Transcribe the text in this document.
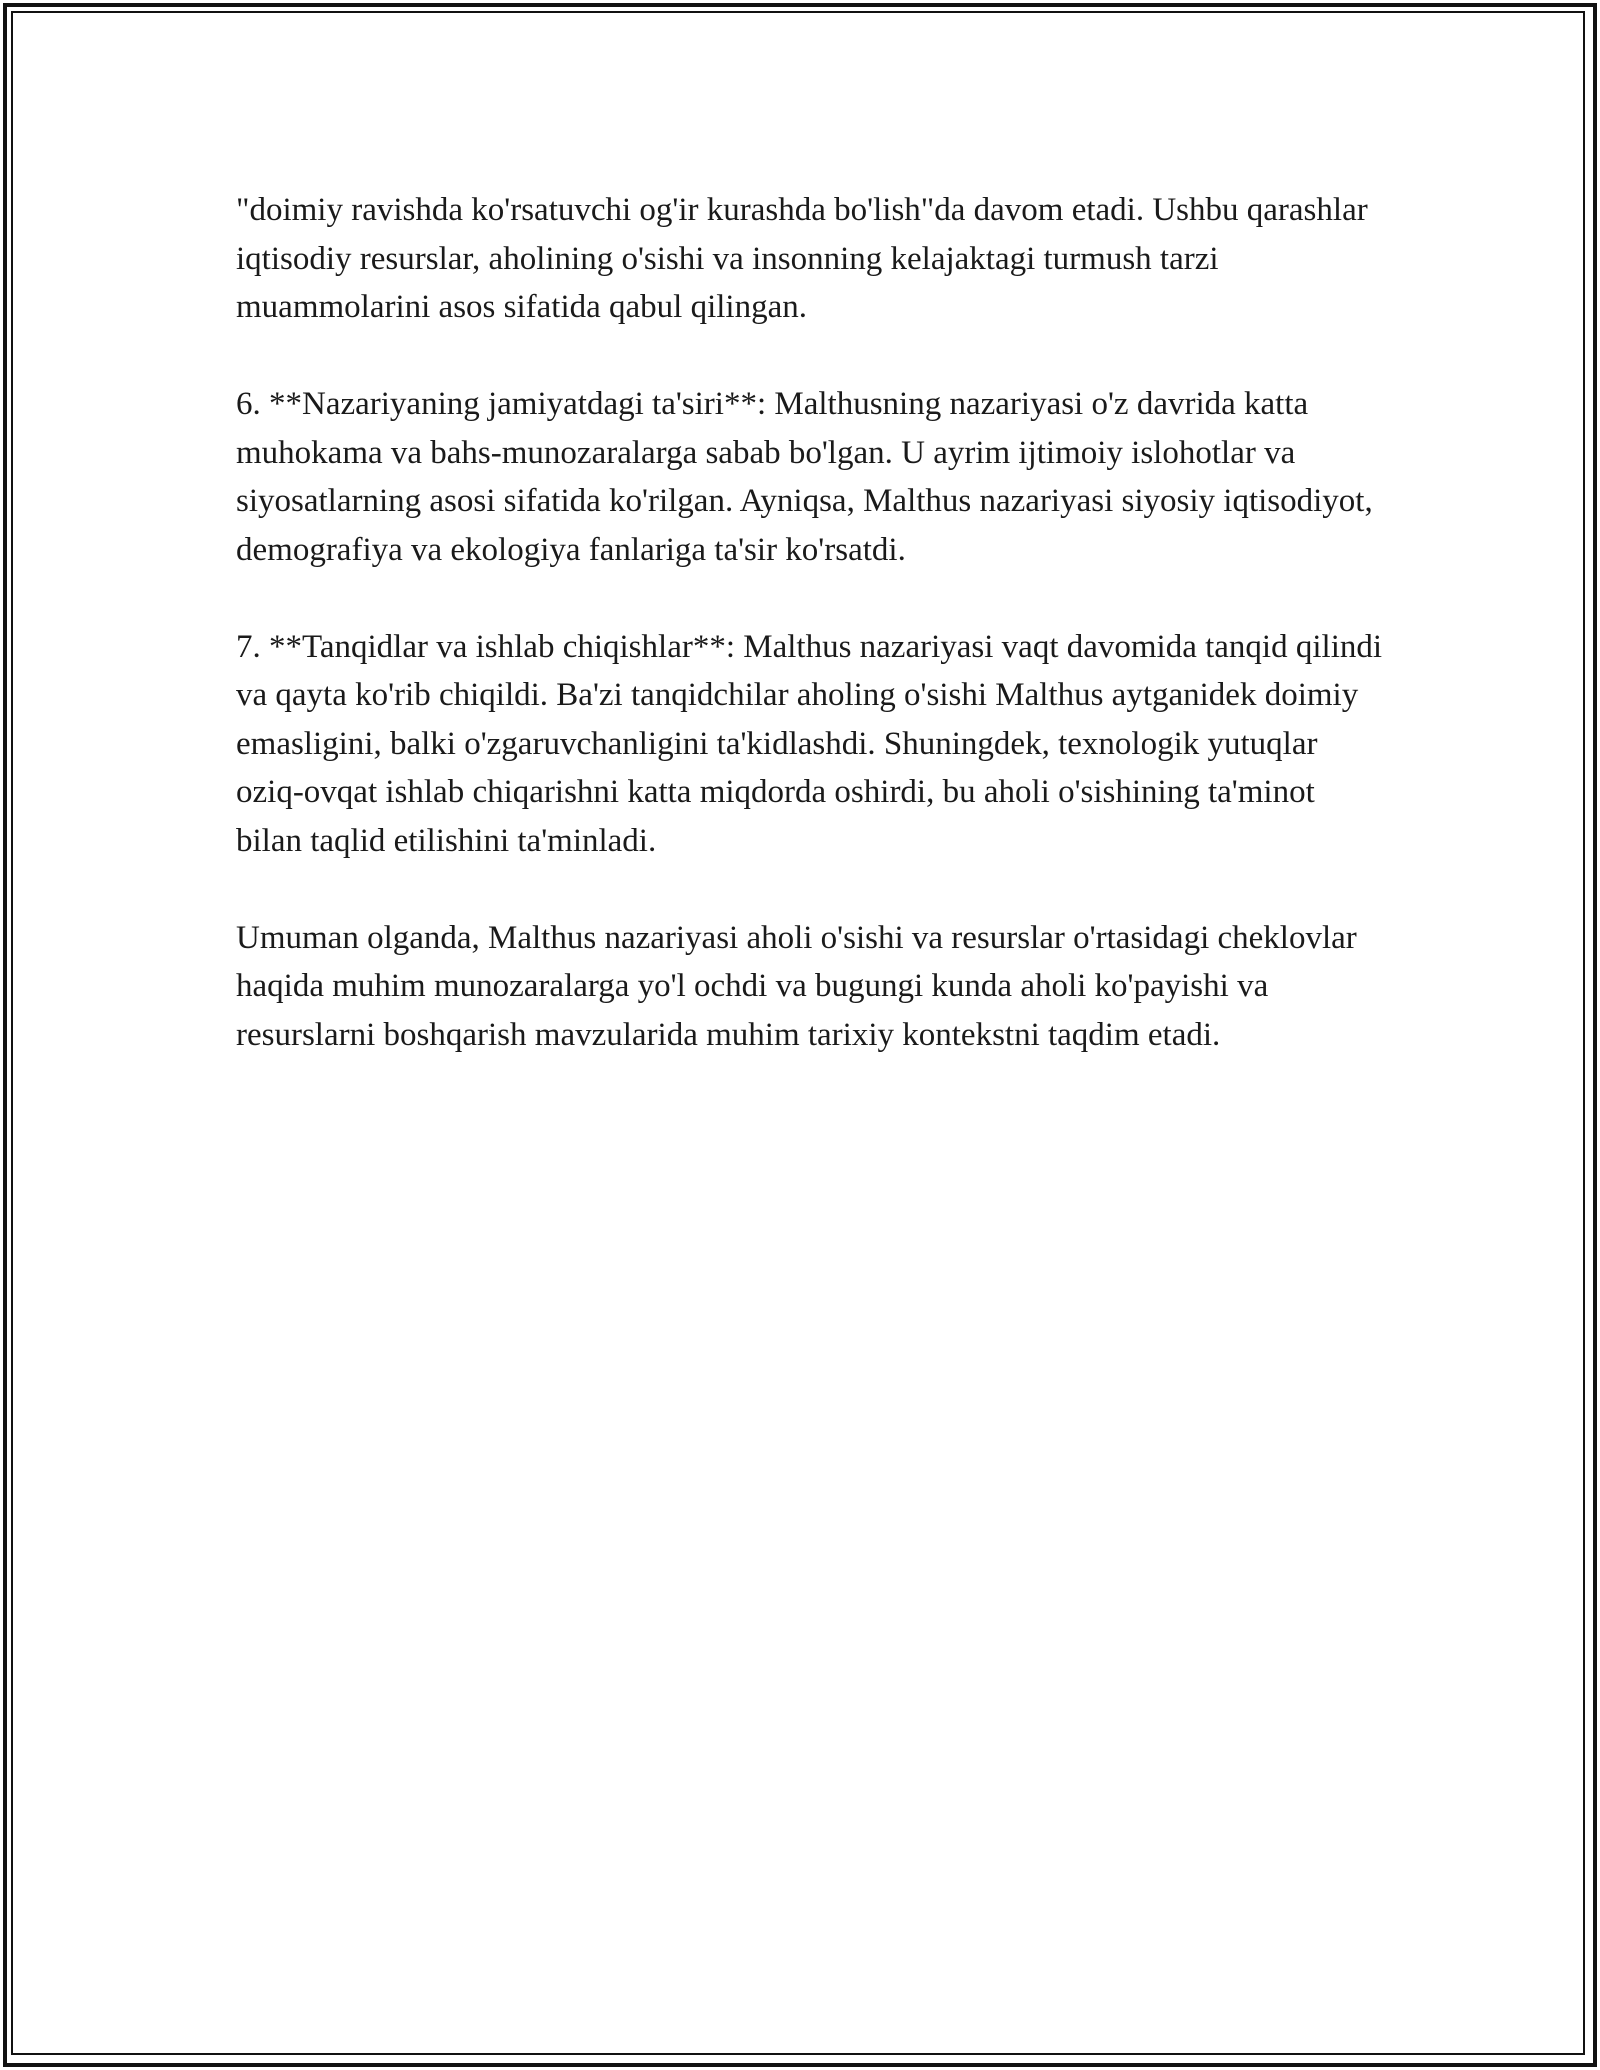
"doimiy ravishda ko'rsatuvchi og'ir kurashda bo'lish"da davom etadi. Ushbu qarashlar iqtisodiy resurslar, aholining o'sishi va insonning kelajaktagi turmush tarzi muammolarini asos sifatida qabul qilingan.

6. **Nazariyaning jamiyatdagi ta'siri**: Malthusning nazariyasi o'z davrida katta muhokama va bahs-munozaralarga sabab bo'lgan. U ayrim ijtimoiy islohotlar va siyosatlarning asosi sifatida ko'rilgan. Ayniqsa, Malthus nazariyasi siyosiy iqtisodiyot, demografiya va ekologiya fanlariga ta'sir ko'rsatdi.

7. **Tanqidlar va ishlab chiqishlar**: Malthus nazariyasi vaqt davomida tanqid qilindi va qayta ko'rib chiqildi. Ba'zi tanqidchilar aholing o'sishi Malthus aytganidek doimiy emasligini, balki o'zgaruvchanligini ta'kidlashdi. Shuningdek, texnologik yutuqlar oziq-ovqat ishlab chiqarishni katta miqdorda oshirdi, bu aholi o'sishining ta'minot bilan taqlid etilishini ta'minladi.

Umuman olganda, Malthus nazariyasi aholi o'sishi va resurslar o'rtasidagi cheklovlar haqida muhim munozaralarga yo'l ochdi va bugungi kunda aholi ko'payishi va resurslarni boshqarish mavzularida muhim tarixiy kontekstni taqdim etadi.
